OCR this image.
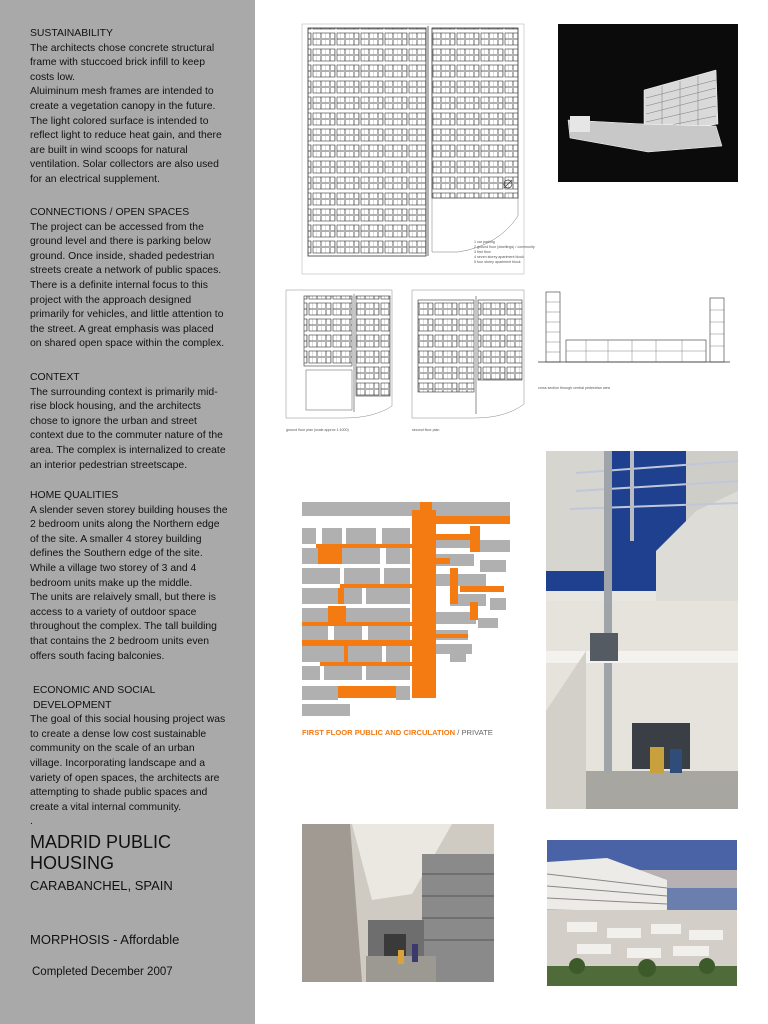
SUSTAINABILITY

The architects chose concrete structural frame with stuccoed brick infill to keep costs low.

Aluiminum mesh frames are intended to create a vegetation canopy in the future. The light colored surface is intended to reflect light to reduce heat gain, and there are built in wind scoops for natural ventilation. Solar collectors are also used for an electrical supplement.

CONNECTIONS / OPEN SPACES

The project can be accessed from the ground level and there is parking below ground. Once inside, shaded pedestrian streets create a network of public spaces.

There is a definite internal focus to this project with the approach designed primarily for vehicles, and little attention to the street. A great emphasis was placed on shared open space within the complex.

CONTEXT

The surrounding context is primarily mid-rise block housing, and the architects chose to ignore the urban and street context due to the commuter nature of the area. The complex is internalized to create an interior pedestrian streetscape.

HOME QUALITIES

A slender seven storey building houses the 2 bedroom units along the Northern edge of the site. A smaller 4 storey building defines the Southern edge of the site. While a village two storey of 3 and 4 bedroom units make up the middle.

The units are relaively small, but there is access to a variety of outdoor space throughout the complex. The tall building that contains the 2 bedroom units even offers south facing balconies.

ECONOMIC AND SOCIAL DEVELOPMENT

The goal of this social housing project was to create a dense low cost sustainable community on the scale of an urban village. Incorporating landscape and a variety of open spaces, the architects are attempting to shade public spaces and create a vital internal community.

.

MADRID PUBLIC HOUSING
CARABANCHEL, SPAIN
MORPHOSIS - Affordable
Completed December 2007
1 car parking
2 ground floor (dwellings) / community
3 first floor
4 seven storey apartment block
5 four storey apartment block
ground floor plan (scale approx 1:1000)	second floor plan
cross section through central pedestrian area
FIRST FLOOR PUBLIC AND CIRCULATION / PRIVATE
